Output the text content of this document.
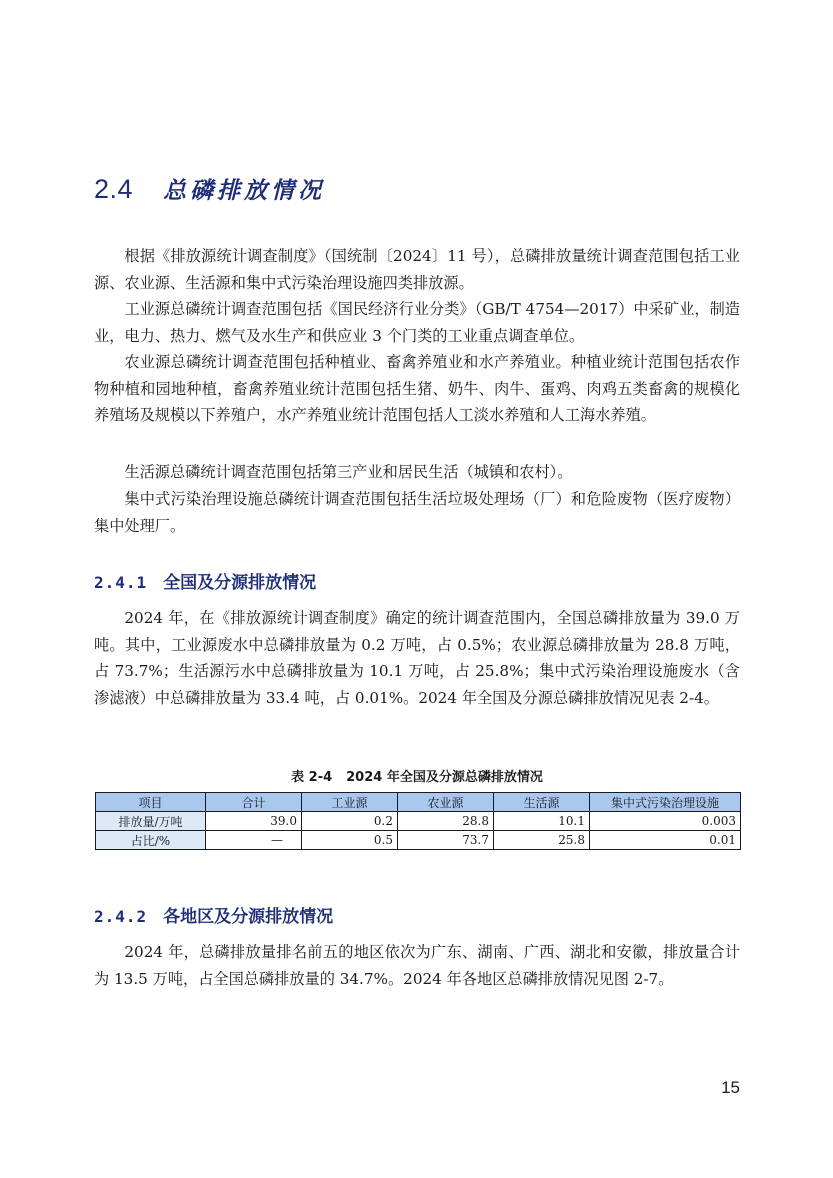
2.4 总磷排放情况

根据《排放源统计调查制度》（国统制〔2024〕11 号），总磷排放量统计调查范围包括工业源、农业源、生活源和集中式污染治理设施四类排放源。

工业源总磷统计调查范围包括《国民经济行业分类》（GB/T 4754—2017）中采矿业，制造业，电力、热力、燃气及水生产和供应业 3 个门类的工业重点调查单位。

农业源总磷统计调查范围包括种植业、畜禽养殖业和水产养殖业。种植业统计范围包括农作物种植和园地种植，畜禽养殖业统计范围包括生猪、奶牛、肉牛、蛋鸡、肉鸡五类畜禽的规模化养殖场及规模以下养殖户，水产养殖业统计范围包括人工淡水养殖和人工海水养殖。

生活源总磷统计调查范围包括第三产业和居民生活（城镇和农村）。

集中式污染治理设施总磷统计调查范围包括生活垃圾处理场（厂）和危险废物（医疗废物）集中处理厂。

2.4.1 全国及分源排放情况

2024 年，在《排放源统计调查制度》确定的统计调查范围内，全国总磷排放量为 39.0 万吨。其中，工业源废水中总磷排放量为 0.2 万吨，占 0.5%；农业源总磷排放量为 28.8 万吨，占 73.7%；生活源污水中总磷排放量为 10.1 万吨，占 25.8%；集中式污染治理设施废水（含渗滤液）中总磷排放量为 33.4 吨，占 0.01%。2024 年全国及分源总磷排放情况见表 2-4。

表 2-4 2024 年全国及分源总磷排放情况
项目	合计	工业源	农业源	生活源	集中式污染治理设施
排放量/万吨	39.0	0.2	28.8	10.1	0.003
占比/%	—	0.5	73.7	25.8	0.01
2.4.2 各地区及分源排放情况

2024 年，总磷排放量排名前五的地区依次为广东、湖南、广西、湖北和安徽，排放量合计为 13.5 万吨，占全国总磷排放量的 34.7%。2024 年各地区总磷排放情况见图 2-7。

15
